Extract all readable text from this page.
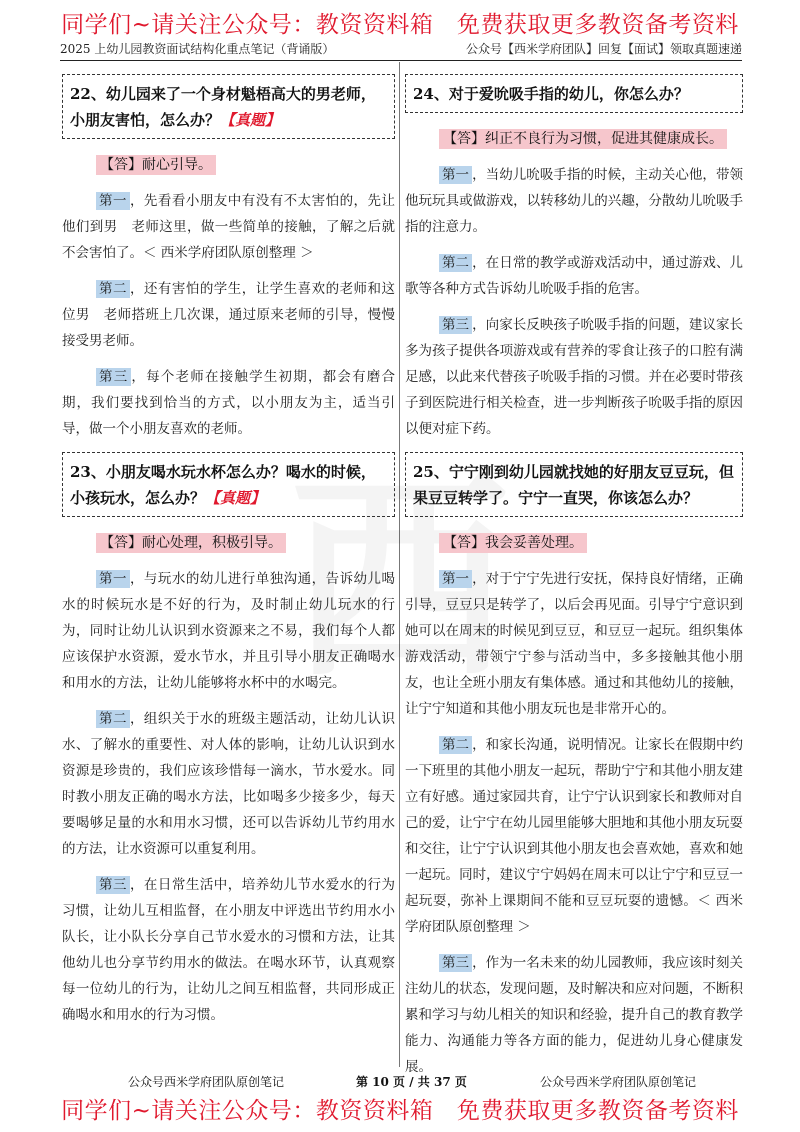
同学们~请关注公众号：教资资料箱　免费获取更多教资备考资料
2025 上幼儿园教资面试结构化重点笔记（背诵版）	公众号【西米学府团队】回复【面试】领取真题速递
22、幼儿园来了一个身材魁梧高大的男老师，小朋友害怕，怎么办？【真题】
【答】耐心引导。

第一 ，先看看小朋友中有没有不太害怕的，先让他们到男　老师这里，做一些简单的接触，了解之后就不会害怕了。＜ 西米学府团队原创整理 ＞

第二 ，还有害怕的学生，让学生喜欢的老师和这位男　老师搭班上几次课，通过原来老师的引导，慢慢接受男老师。

第三 ，每个老师在接触学生初期，都会有磨合期，我们要找到恰当的方式，以小朋友为主，适当引导，做一个小朋友喜欢的老师。

23、小朋友喝水玩水杯怎么办？喝水的时候，小孩玩水，怎么办？【真题】
【答】耐心处理，积极引导。

第一 ，与玩水的幼儿进行单独沟通，告诉幼儿喝水的时候玩水是不好的行为，及时制止幼儿玩水的行为，同时让幼儿认识到水资源来之不易，我们每个人都应该保护水资源，爱水节水，并且引导小朋友正确喝水和用水的方法，让幼儿能够将水杯中的水喝完。

第二 ，组织关于水的班级主题活动，让幼儿认识水、了解水的重要性、对人体的影响，让幼儿认识到水资源是珍贵的，我们应该珍惜每一滴水，节水爱水。同时教小朋友正确的喝水方法，比如喝多少接多少，每天要喝够足量的水和用水习惯，还可以告诉幼儿节约用水的方法，让水资源可以重复利用。

第三 ，在日常生活中，培养幼儿节水爱水的行为习惯，让幼儿互相监督，在小朋友中评选出节约用水小队长，让小队长分享自己节水爱水的习惯和方法，让其他幼儿也分享节约用水的做法。在喝水环节，认真观察每一位幼儿的行为，让幼儿之间互相监督，共同形成正确喝水和用水的行为习惯。

24、对于爱吮吸手指的幼儿，你怎么办？
【答】纠正不良行为习惯，促进其健康成长。

第一 ，当幼儿吮吸手指的时候，主动关心他，带领他玩玩具或做游戏，以转移幼儿的兴趣，分散幼儿吮吸手指的注意力。

第二 ，在日常的教学或游戏活动中，通过游戏、儿歌等各种方式告诉幼儿吮吸手指的危害。

第三 ，向家长反映孩子吮吸手指的问题，建议家长多为孩子提供各项游戏或有营养的零食让孩子的口腔有满足感，以此来代替孩子吮吸手指的习惯。并在必要时带孩子到医院进行相关检查，进一步判断孩子吮吸手指的原因以便对症下药。

25、宁宁刚到幼儿园就找她的好朋友豆豆玩，但果豆豆转学了。宁宁一直哭，你该怎么办？
【答】我会妥善处理。

第一 ，对于宁宁先进行安抚，保持良好情绪，正确引导，豆豆只是转学了，以后会再见面。引导宁宁意识到她可以在周末的时候见到豆豆，和豆豆一起玩。组织集体游戏活动，带领宁宁参与活动当中，多多接触其他小朋友，也让全班小朋友有集体感。通过和其他幼儿的接触，让宁宁知道和其他小朋友玩也是非常开心的。

第二 ，和家长沟通，说明情况。让家长在假期中约一下班里的其他小朋友一起玩，帮助宁宁和其他小朋友建立有好感。通过家园共育，让宁宁认识到家长和教师对自己的爱，让宁宁在幼儿园里能够大胆地和其他小朋友玩耍和交往，让宁宁认识到其他小朋友也会喜欢她，喜欢和她一起玩。同时，建议宁宁妈妈在周末可以让宁宁和豆豆一起玩耍，弥补上课期间不能和豆豆玩耍的遗憾。＜ 西米学府团队原创整理 ＞

第三 ，作为一名未来的幼儿园教师，我应该时刻关注幼儿的状态，发现问题，及时解决和应对问题，不断积累和学习与幼儿相关的知识和经验，提升自己的教育教学能力、沟通能力等各方面的能力，促进幼儿身心健康发展。

公众号西米学府团队原创笔记	第 10 页 / 共 37 页	公众号西米学府团队原创笔记
同学们~请关注公众号：教资资料箱　免费获取更多教资备考资料
